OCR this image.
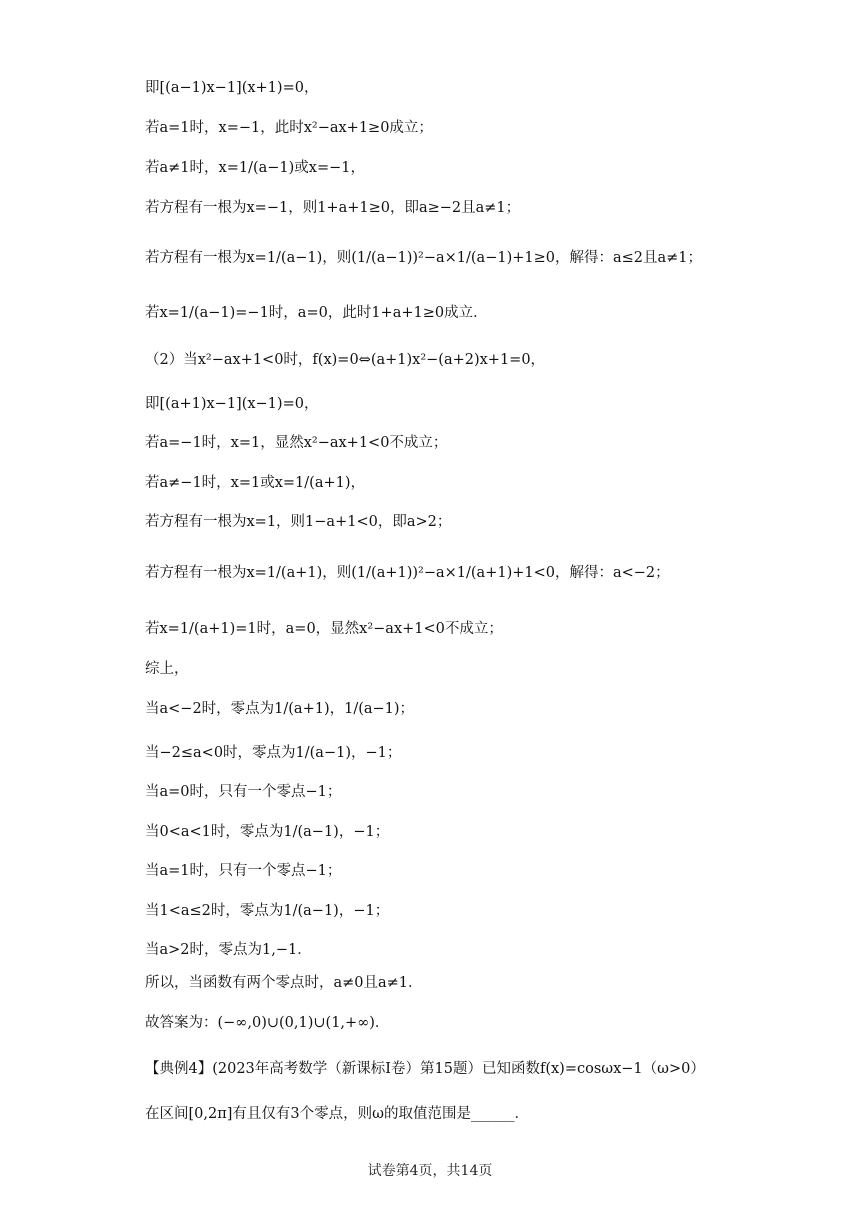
即[(a−1)x−1](x+1)=0，
若a=1时，x=−1，此时x²−ax+1≥0成立；
若a≠1时，x=1/(a−1)或x=−1，
若方程有一根为x=−1，则1+a+1≥0，即a≥−2且a≠1；
若方程有一根为x=1/(a−1)，则(1/(a−1))²−a×1/(a−1)+1≥0，解得：a≤2且a≠1；
若x=1/(a−1)=−1时，a=0，此时1+a+1≥0成立．
（2）当x²−ax+1<0时，f(x)=0⇔(a+1)x²−(a+2)x+1=0，
即[(a+1)x−1](x−1)=0，
若a=−1时，x=1，显然x²−ax+1<0不成立；
若a≠−1时，x=1或x=1/(a+1)，
若方程有一根为x=1，则1−a+1<0，即a>2；
若方程有一根为x=1/(a+1)，则(1/(a+1))²−a×1/(a+1)+1<0，解得：a<−2；
若x=1/(a+1)=1时，a=0，显然x²−ax+1<0不成立；
综上，
当a<−2时，零点为1/(a+1)，1/(a−1)；
当−2≤a<0时，零点为1/(a−1)，−1；
当a=0时，只有一个零点−1；
当0<a<1时，零点为1/(a−1)，−1；
当a=1时，只有一个零点−1；
当1<a≤2时，零点为1/(a−1)，−1；
当a>2时，零点为1,−1．
所以，当函数有两个零点时，a≠0且a≠1．
故答案为：(−∞,0)∪(0,1)∪(1,+∞)．
【典例4】(2023年高考数学（新课标Ⅰ卷）第15题）已知函数f(x)=cosωx−1（ω>0）
在区间[0,2π]有且仅有3个零点，则ω的取值范围是______．
试卷第4页，共14页
